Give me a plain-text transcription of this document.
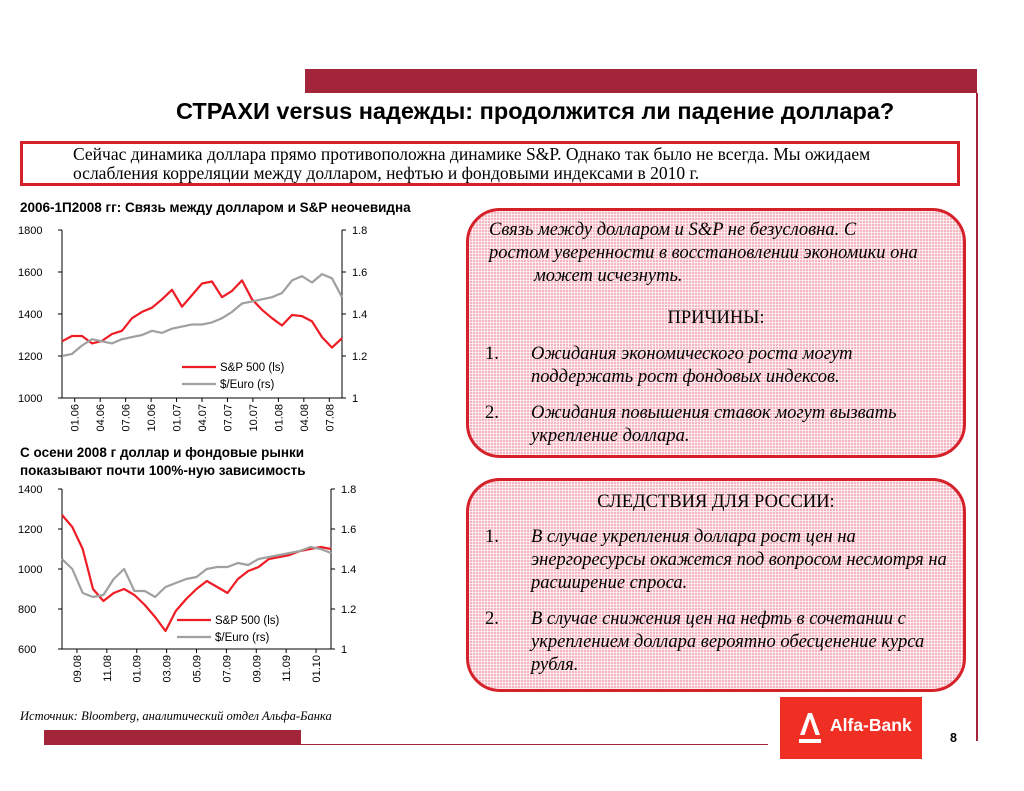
СТРАХИ versus надежды: продолжится ли падение доллара?
Сейчас динамика доллара прямо противоположна динамике S&P. Однако так было не всегда. Мы ожидаем ослабления корреляции между долларом, нефтью и фондовыми индексами в 2010 г.
2006-1П2008 гг: Связь между долларом и S&P неочевидна
1800
1600
1400
1200
1000
1.8
1.6
1.4
1.2
1
01.06 04.06 07.06 10.06 01.07 04.07 07.07 10.07 01.08 04.08 07.08
S&P 500 (ls)
$/Euro (rs)
С осени 2008 г доллар и фондовые рынки показывают почти 100%-ную зависимость
1400
1200
1000
800
600
1.8
1.6
1.4
1.2
1
09.08 11.08 01.09 03.09 05.09 07.09 09.09 11.09 01.10
S&P 500 (ls)
$/Euro (rs)
Связь между долларом и S&P не безусловна. С
ростом уверенности в восстановлении экономики она может исчезнуть.
ПРИЧИНЫ:
1. Ожидания экономического роста могут поддержать рост фондовых индексов.
2. Ожидания повышения ставок могут вызвать укрепление доллара.
СЛЕДСТВИЯ ДЛЯ РОССИИ:
1. В случае укрепления доллара рост цен на энергоресурсы окажется под вопросом несмотря на расширение спроса.
2. В случае снижения цен на нефть в сочетании с укреплением доллара вероятно обесценение курса рубля.
Источник: Bloomberg, аналитический отдел Альфа-Банка	Alfa-Bank
8
